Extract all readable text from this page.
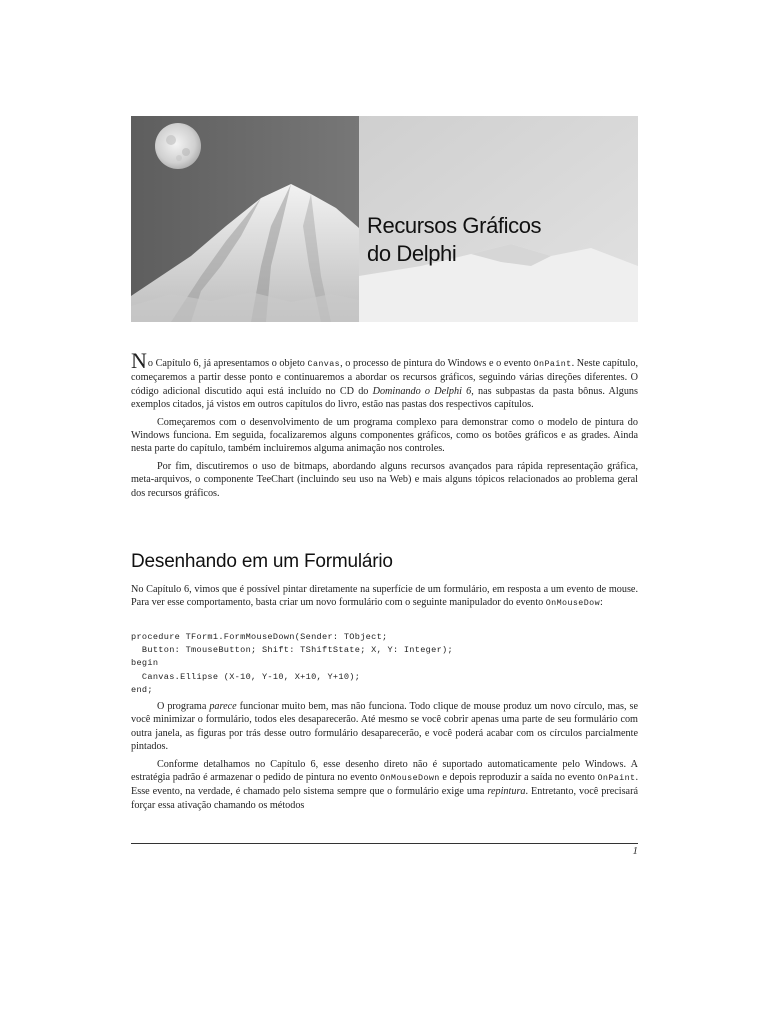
Recursos Gráficos
do Delphi

No Capítulo 6, já apresentamos o objeto Canvas, o processo de pintura do Windows e o evento OnPaint. Neste capítulo, começaremos a partir desse ponto e continuaremos a abordar os recursos gráficos, seguindo várias direções diferentes. O código adicional discutido aqui está incluído no CD do Dominando o Delphi 6, nas subpastas da pasta bônus. Alguns exemplos citados, já vistos em outros capítulos do livro, estão nas pastas dos respectivos capítulos.

Começaremos com o desenvolvimento de um programa complexo para demonstrar como o modelo de pintura do Windows funciona. Em seguida, focalizaremos alguns componentes gráficos, como os botões gráficos e as grades. Ainda nesta parte do capítulo, também incluiremos alguma animação nos controles.

Por fim, discutiremos o uso de bitmaps, abordando alguns recursos avançados para rápida representação gráfica, meta-arquivos, o componente TeeChart (incluindo seu uso na Web) e mais alguns tópicos relacionados ao problema geral dos recursos gráficos.

Desenhando em um Formulário

No Capítulo 6, vimos que é possível pintar diretamente na superfície de um formulário, em resposta a um evento de mouse. Para ver esse comportamento, basta criar um novo formulário com o seguinte manipulador do evento OnMouseDow:

procedure TForm1.FormMouseDown(Sender: TObject;
Button: TmouseButton; Shift: TShiftState; X, Y: Integer);
begin
Canvas.Ellipse (X-10, Y-10, X+10, Y+10);
end;

O programa parece funcionar muito bem, mas não funciona. Todo clique de mouse produz um novo círculo, mas, se você minimizar o formulário, todos eles desaparecerão. Até mesmo se você cobrir apenas uma parte de seu formulário com outra janela, as figuras por trás desse outro formulário desaparecerão, e você poderá acabar com os círculos parcialmente pintados.

Conforme detalhamos no Capítulo 6, esse desenho direto não é suportado automaticamente pelo Windows. A estratégia padrão é armazenar o pedido de pintura no evento OnMouseDown e depois reproduzir a saída no evento OnPaint. Esse evento, na verdade, é chamado pelo sistema sempre que o formulário exige uma repintura. Entretanto, você precisará forçar essa ativação chamando os métodos

1
